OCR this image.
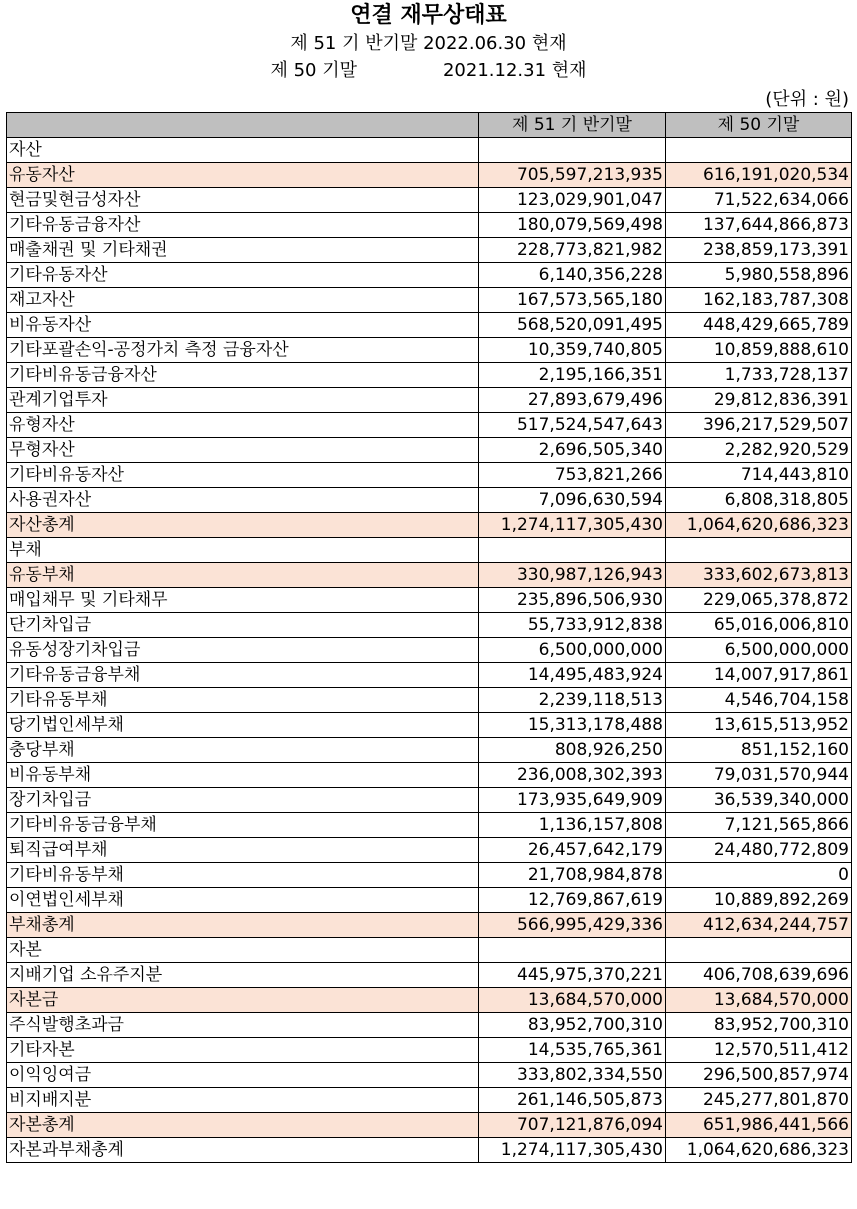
연결 재무상태표
제 51 기 반기말 2022.06.30 현재
제 50 기말	2021.12.31 현재
(단위 : 원)
	제 51 기 반기말	제 50 기말
자산		
유동자산	705,597,213,935	616,191,020,534
현금및현금성자산	123,029,901,047	71,522,634,066
기타유동금융자산	180,079,569,498	137,644,866,873
매출채권 및 기타채권	228,773,821,982	238,859,173,391
기타유동자산	6,140,356,228	5,980,558,896
재고자산	167,573,565,180	162,183,787,308
비유동자산	568,520,091,495	448,429,665,789
기타포괄손익-공정가치 측정 금융자산	10,359,740,805	10,859,888,610
기타비유동금융자산	2,195,166,351	1,733,728,137
관계기업투자	27,893,679,496	29,812,836,391
유형자산	517,524,547,643	396,217,529,507
무형자산	2,696,505,340	2,282,920,529
기타비유동자산	753,821,266	714,443,810
사용권자산	7,096,630,594	6,808,318,805
자산총계	1,274,117,305,430	1,064,620,686,323
부채		
유동부채	330,987,126,943	333,602,673,813
매입채무 및 기타채무	235,896,506,930	229,065,378,872
단기차입금	55,733,912,838	65,016,006,810
유동성장기차입금	6,500,000,000	6,500,000,000
기타유동금융부채	14,495,483,924	14,007,917,861
기타유동부채	2,239,118,513	4,546,704,158
당기법인세부채	15,313,178,488	13,615,513,952
충당부채	808,926,250	851,152,160
비유동부채	236,008,302,393	79,031,570,944
장기차입금	173,935,649,909	36,539,340,000
기타비유동금융부채	1,136,157,808	7,121,565,866
퇴직급여부채	26,457,642,179	24,480,772,809
기타비유동부채	21,708,984,878	0
이연법인세부채	12,769,867,619	10,889,892,269
부채총계	566,995,429,336	412,634,244,757
자본		
지배기업 소유주지분	445,975,370,221	406,708,639,696
자본금	13,684,570,000	13,684,570,000
주식발행초과금	83,952,700,310	83,952,700,310
기타자본	14,535,765,361	12,570,511,412
이익잉여금	333,802,334,550	296,500,857,974
비지배지분	261,146,505,873	245,277,801,870
자본총계	707,121,876,094	651,986,441,566
자본과부채총계	1,274,117,305,430	1,064,620,686,323
